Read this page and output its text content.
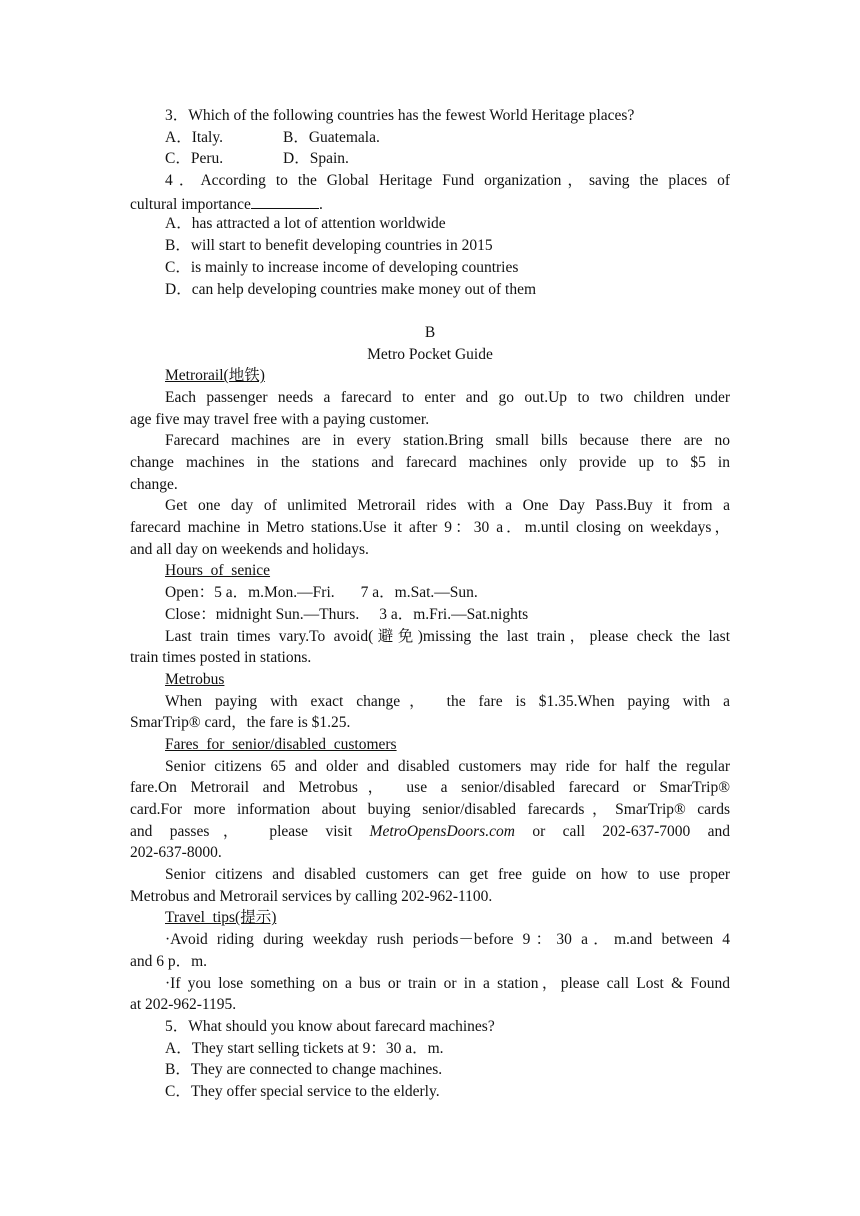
3．Which of the following countries has the fewest World Heritage places?
A．Italy.	B．Guatemala.
C．Peru.	D．Spain.
4．According to the Global Heritage Fund organization，saving the places of
cultural importance	.
A．has attracted a lot of attention worldwide
B．will start to benefit developing countries in 2015
C．is mainly to increase income of developing countries
D．can help developing countries make money out of them
B
Metro Pocket Guide
Metrorail(地铁)
Each passenger needs a farecard to enter and go out.Up to two children under
age five may travel free with a paying customer.
Farecard machines are in every station.Bring small bills because there are no
change machines in the stations and farecard machines only provide up to $5 in
change.
Get one day of unlimited Metrorail rides with a One Day Pass.Buy it from a
farecard machine in Metro stations.Use it after 9：30 a．m.until closing on weekdays，
and all day on weekends and holidays.
Hours_of_senice
Open：5 a．m.Mon.—Fri. 7 a．m.Sat.—Sun.
Close：midnight Sun.—Thurs. 3 a．m.Fri.—Sat.nights
Last train times vary.To avoid(避免)missing the last train，please check the last
train times posted in stations.
Metrobus
When paying with exact change， the fare is $1.35.When paying with a
SmarTrip® card，the fare is $1.25.
Fares_for_senior/disabled_customers
Senior citizens 65 and older and disabled customers may ride for half the regular
fare.On Metrorail and Metrobus， use a senior/disabled farecard or SmarTrip®
card.For more information about buying senior/disabled farecards，SmarTrip® cards
and passes， please visit MetroOpensDoors.com or call 202-637-7000 and
202-637-8000.
Senior citizens and disabled customers can get free guide on how to use proper
Metrobus and Metrorail services by calling 202-962-1100.
Travel_tips(提示)
·Avoid riding during weekday rush periods－before 9：30 a．m.and between 4
and 6 p．m.
·If you lose something on a bus or train or in a station，please call Lost & Found
at 202-962-1195.
5．What should you know about farecard machines?
A．They start selling tickets at 9：30 a．m.
B．They are connected to change machines.
C．They offer special service to the elderly.
